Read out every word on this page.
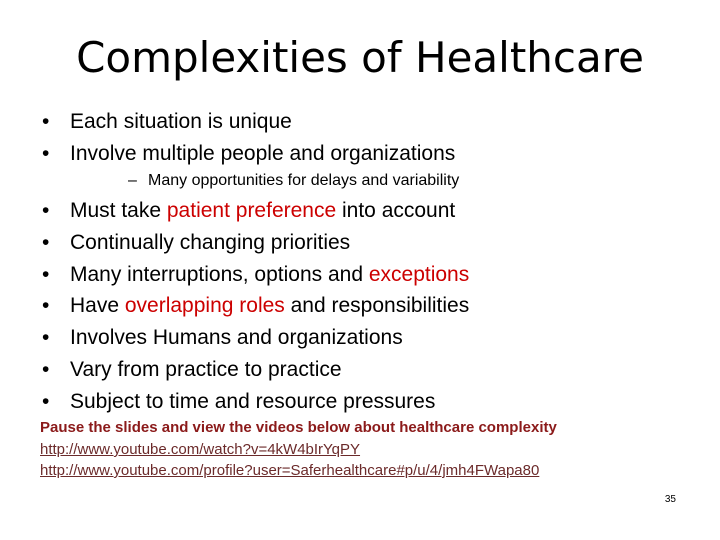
Complexities of Healthcare
• Each situation is unique
• Involve multiple people and organizations
– Many opportunities for delays and variability
• Must take patient preference into account
• Continually changing priorities
• Many interruptions, options and exceptions
• Have overlapping roles and responsibilities
• Involves Humans and organizations
• Vary from practice to practice
• Subject to time and resource pressures
Pause the slides and view the videos below about healthcare complexity
http://www.youtube.com/watch?v=4kW4bIrYqPY
http://www.youtube.com/profile?user=Saferhealthcare#p/u/4/jmh4FWapa80
35
